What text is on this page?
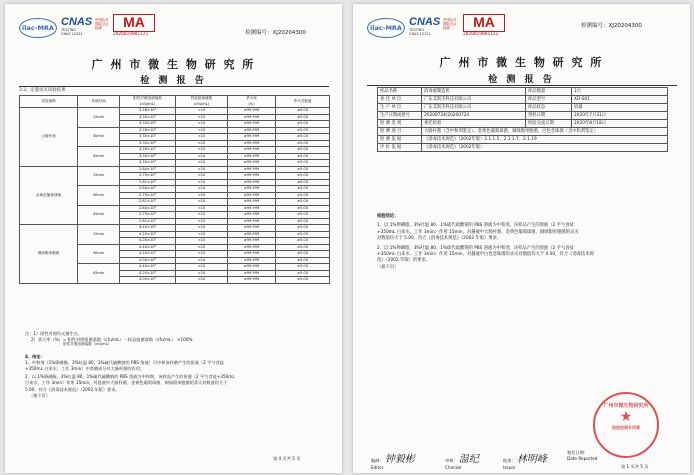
ilac-MRA CNAS
TESTING
CNAS L0121
中国认可
国际互认
检测	MA
2020019001121	检测编号：XJ20204300
广 州 市 微 生 物 研 究 所
检 测 报 告
3.2、定量杀灭试验结果
试验菌株	作用时间	阳性对照组菌落数
(cfu/mL)	样品组菌落数
(cfu/mL)	杀灭率
(%)	杀灭对数值
大肠杆菌	15min	3.28×10⁶	<10	≥99.999	≥5.00
		3.30×10⁶	<10	≥99.999	≥5.00
		3.33×10⁶	<10	≥99.999	≥5.00
	30min	3.28×10⁶	<10	≥99.999	≥5.00
		3.30×10⁶	<10	≥99.999	≥5.00
		3.33×10⁶	<10	≥99.999	≥5.00
	45min	3.28×10⁶	<10	≥99.999	≥5.00
		3.30×10⁶	<10	≥99.999	≥5.00
		3.33×10⁶	<10	≥99.999	≥5.00
金黄色葡萄球菌	15min	2.84×10⁶	<10	≥99.999	≥5.00
		2.79×10⁶	<10	≥99.999	≥5.00
		2.81×10⁶	<10	≥99.999	≥5.00
	30min	2.84×10⁶	<10	≥99.999	≥5.00
		2.79×10⁶	<10	≥99.999	≥5.00
		2.81×10⁶	<10	≥99.999	≥5.00
	45min	2.84×10⁶	<10	≥99.999	≥5.00
		2.79×10⁶	<10	≥99.999	≥5.00
		2.81×10⁶	<10	≥99.999	≥5.00
铜绿假单胞菌	15min	4.40×10⁶	<10	≥99.999	≥5.00
		4.20×10⁶	<10	≥99.999	≥5.00
		4.00×10⁶	<10	≥99.999	≥5.00
	30min	4.40×10⁶	<10	≥99.999	≥5.00
		4.20×10⁶	<10	≥99.999	≥5.00
		4.00×10⁶	<10	≥99.999	≥5.00
	45min	4.40×10⁶	<10	≥99.999	≥5.00
		4.20×10⁶	<10	≥99.999	≥5.00
		4.00×10⁶	<10	≥99.999	≥5.00
注：1）阳性对照均无菌生长。
2）杀灭率（%）= 阳性对照组菌落数（cfu/mL）－样品组菌落数（cfu/mL） ×100%
阳性对照组菌落数（cfu/mL）
4、结论：
1、中和剂（1%卵磷脂、3%吐温 80、1%硫代硫酸钠的 PBS 溶液）可中和该杆菌产生的原液（2 平勺食盐
+350mL 白来水，工作 3min）中杀菌成分对大肠杆菌的作用。
2、以 1%卵磷脂、3%吐温 80、1%硫代硫酸钠的 PBS 溶液为中和剂，该样品产生的原液（2 平勺食盐+350mL
白来水，工作 3min）作用 15min，对悬液中大肠杆菌、金黄色葡萄球菌、铜绿假单胞菌的杀灭对数值均大于
5.00，符合《消毒技术规范》（2002 年版）要求。
（接下页）
第 4 页共 5 页
ilac-MRA CNAS
TESTING
CNAS L0121
中国认可
国际互认
检测	MA
2020019001121
检测编号：XJ20204300
广 州 市 微 生 物 研 究 所
检 测 报 告
样品名称	消毒液制造机	样品数量	1台
委 托 单 位	广东艾斯杰科技有限公司	样品型号	XD-S01
生 产 单 位	广东艾斯杰科技有限公司	样品状态	机器
生产日期或批号	20200724/20200724	到样日期	2020年7月31日
检 测 类 别	委托检验	检验完成日期	2020年8月18日
检 测 项 目	大肠杆菌（含中和剂鉴定）、金黄色葡萄球菌、铜绿假单胞菌、白色念珠菌（含中和剂鉴定）		
检 测 依 据	《消毒技术规范》（2002年版）2.1.1.5、2.1.1.7、2.1.19		
评 价 依 据	《消毒技术规范》（2002年版）		
检验结论：
1、以 1%卵磷脂、3%吐温 80、1%硫代硫酸钠的 PBS 溶液为中和剂，该样品产生的原液（2 平勺食盐
+350mL 白来水，工作 3min）作用 15min，对悬液中大肠杆菌、金黄色葡萄球菌、铜绿假单胞菌的杀灭
对数值均大于 5.00，符合《消毒技术规范》（2002 年版）要求。
2、以 1%卵磷脂、3%吐温 80、1%硫代硫酸钠的 PBS 溶液为中和剂，该样品产生的原液（2 平勺食盐
+350mL 白来水，工作 3min）作用 15min，对悬液中白色念珠菌的杀灭对数值均大于 4.00，符合《消毒技术规
范》（2002 年版）的要求。
（接下页）
广州市微生物研究所
★
检验检测专用章
编制： 钟毅彬
Editor
审核： 温纪
Checker
批准： 林明峰
Issuer
签发日期：
Date Reported
第 1 页共 5 页
